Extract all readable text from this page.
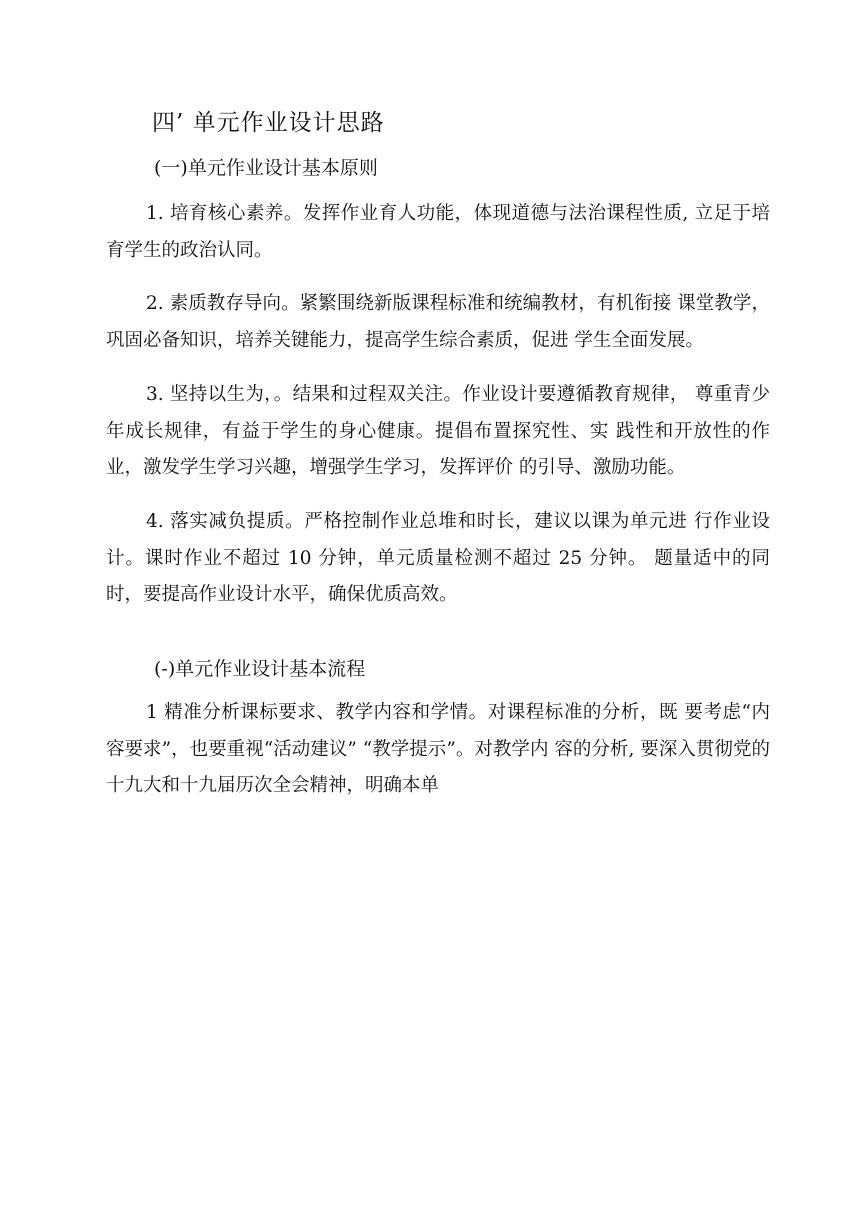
四’ 单元作业设计思路
(一)单元作业设计基本原则

1. 培育核心素养。发挥作业育人功能，体现道德与法治课程性质, 立足于培育学生的政治认同。

2. 素质教存导向。紧繁围绕新版课程标准和统编教材，有机衔接 课堂教学，巩固必备知识，培养关键能力，提高学生综合素质，促进 学生全面发展。

3. 坚持以生为，。结果和过程双关注。作业设计要遵循教育规律， 尊重青少年成长规律，有益于学生的身心健康。提倡布置探究性、实 践性和开放性的作业，激发学生学习兴趣，增强学生学习，发挥评价 的引导、激励功能。

4. 落实减负提质。严格控制作业总堆和时长，建议以课为单元进 行作业设计。课时作业不超过 10 分钟，单元质量检测不超过 25 分钟。 题量适中的同时，要提高作业设计水平，确保优质高效。

(-)单元作业设计基本流程

1 精准分析课标要求、教学内容和学情。对课程标准的分析，既 要考虑“内容要求”，也要重视“活动建议” “教学提示”。对教学内 容的分析, 要深入贯彻党的十九大和十九届历次全会精神，明确本单
